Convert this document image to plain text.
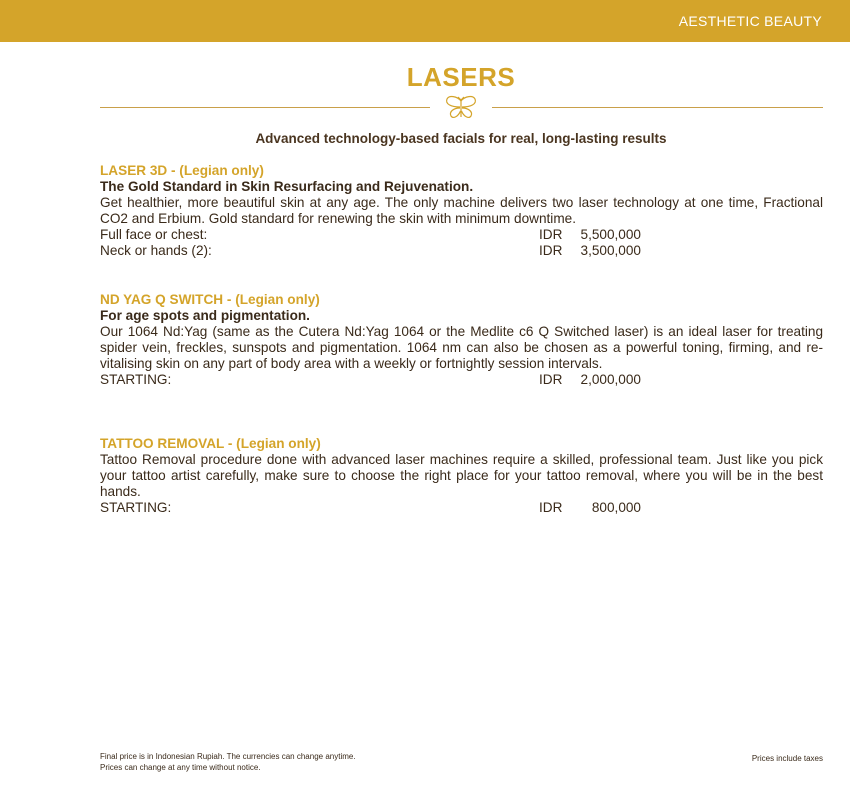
AESTHETIC BEAUTY
LASERS
Advanced technology-based facials for real, long-lasting results
LASER 3D - (Legian only)
The Gold Standard in Skin Resurfacing and Rejuvenation.
Get healthier, more beautiful skin at any age. The only machine delivers two laser technology at one time, Fractional CO2 and Erbium. Gold standard for renewing the skin with minimum downtime.
Full face or chest:	IDR	5,500,000
Neck or hands (2):	IDR	3,500,000
ND YAG Q SWITCH - (Legian only)
For age spots and pigmentation.
Our 1064 Nd:Yag (same as the Cutera Nd:Yag 1064 or the Medlite c6 Q Switched laser) is an ideal laser for treating spider vein, freckles, sunspots and pigmentation. 1064 nm can also be chosen as a powerful toning, firming, and re-vitalising skin on any part of body area with a weekly or fortnightly session intervals.
STARTING:	IDR	2,000,000
TATTOO REMOVAL - (Legian only)
Tattoo Removal procedure done with advanced laser machines require a skilled, professional team. Just like you pick your tattoo artist carefully, make sure to choose the right place for your tattoo removal, where you will be in the best hands.
STARTING:	IDR	800,000
Final price is in Indonesian Rupiah. The currencies can change anytime.
Prices can change at any time without notice.
Prices include taxes
